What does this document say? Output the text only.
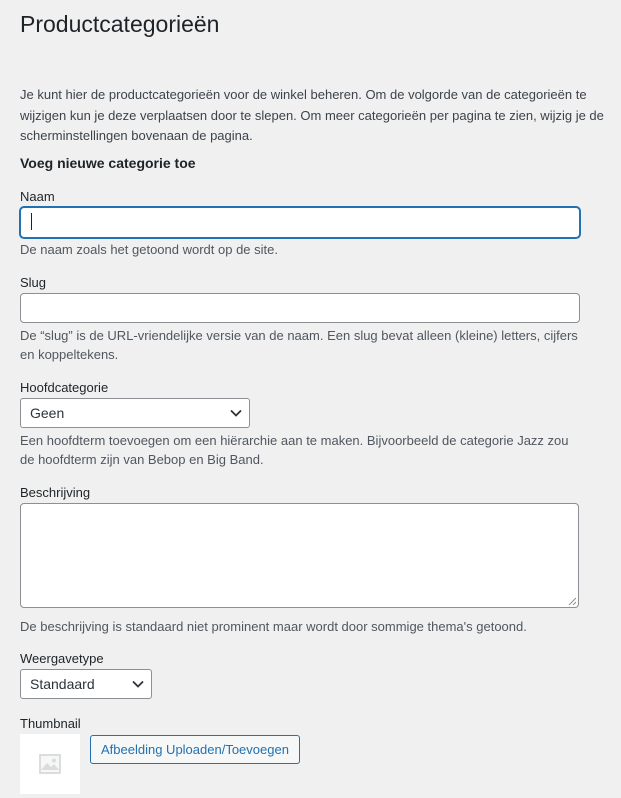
Productcategorieën

Je kunt hier de productcategorieën voor de winkel beheren. Om de volgorde van de categorieën te wijzigen kun je deze verplaatsen door te slepen. Om meer categorieën per pagina te zien, wijzig je de scherminstellingen bovenaan de pagina.

Voeg nieuwe categorie toe
Naam

De naam zoals het getoond wordt op de site.

Slug

De “slug” is de URL-vriendelijke versie van de naam. Een slug bevat alleen (kleine) letters, cijfers en koppeltekens.

Hoofdcategorie
Geen

Een hoofdterm toevoegen om een hiërarchie aan te maken. Bijvoorbeeld de categorie Jazz zou de hoofdterm zijn van Bebop en Big Band.

Beschrijving

De beschrijving is standaard niet prominent maar wordt door sommige thema's getoond.

Weergavetype
Standaard
Thumbnail
Afbeelding Uploaden/Toevoegen
